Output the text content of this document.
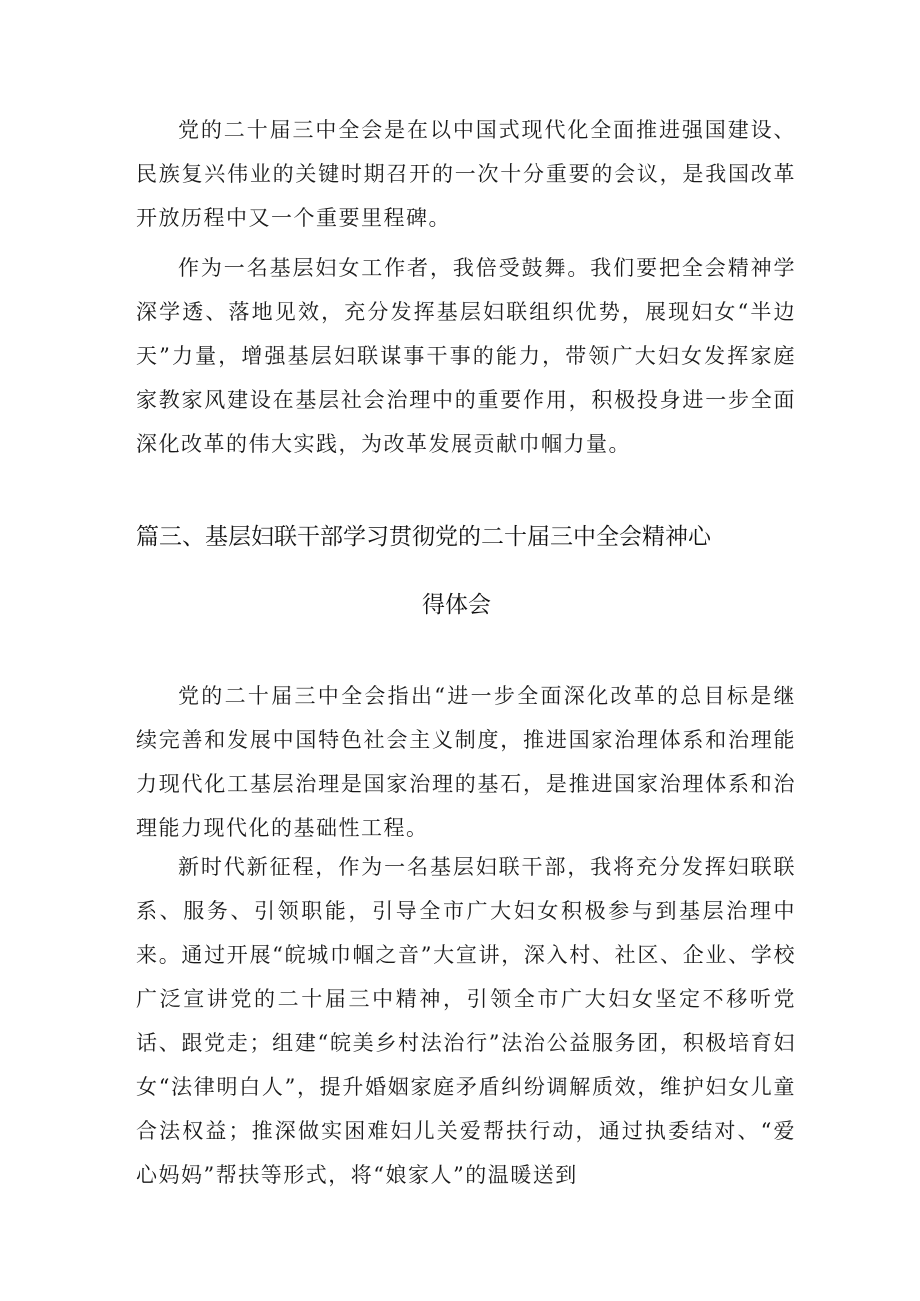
党的二十届三中全会是在以中国式现代化全面推进强国建设、民族复兴伟业的关键时期召开的一次十分重要的会议，是我国改革开放历程中又一个重要里程碑。

作为一名基层妇女工作者，我倍受鼓舞。我们要把全会精神学深学透、落地见效，充分发挥基层妇联组织优势，展现妇女“半边天”力量，增强基层妇联谋事干事的能力，带领广大妇女发挥家庭家教家风建设在基层社会治理中的重要作用，积极投身进一步全面深化改革的伟大实践，为改革发展贡献巾帼力量。

篇三、基层妇联干部学习贯彻党的二十届三中全会精神心
得体会

党的二十届三中全会指出“进一步全面深化改革的总目标是继续完善和发展中国特色社会主义制度，推进国家治理体系和治理能力现代化工基层治理是国家治理的基石，是推进国家治理体系和治理能力现代化的基础性工程。

新时代新征程，作为一名基层妇联干部，我将充分发挥妇联联系、服务、引领职能，引导全市广大妇女积极参与到基层治理中来。通过开展“皖城巾帼之音”大宣讲，深入村、社区、企业、学校广泛宣讲党的二十届三中精神，引领全市广大妇女坚定不移听党话、跟党走；组建“皖美乡村法治行”法治公益服务团，积极培育妇女“法律明白人”，提升婚姻家庭矛盾纠纷调解质效，维护妇女儿童合法权益；推深做实困难妇儿关爱帮扶行动，通过执委结对、“爱心妈妈”帮扶等形式，将“娘家人”的温暖送到
